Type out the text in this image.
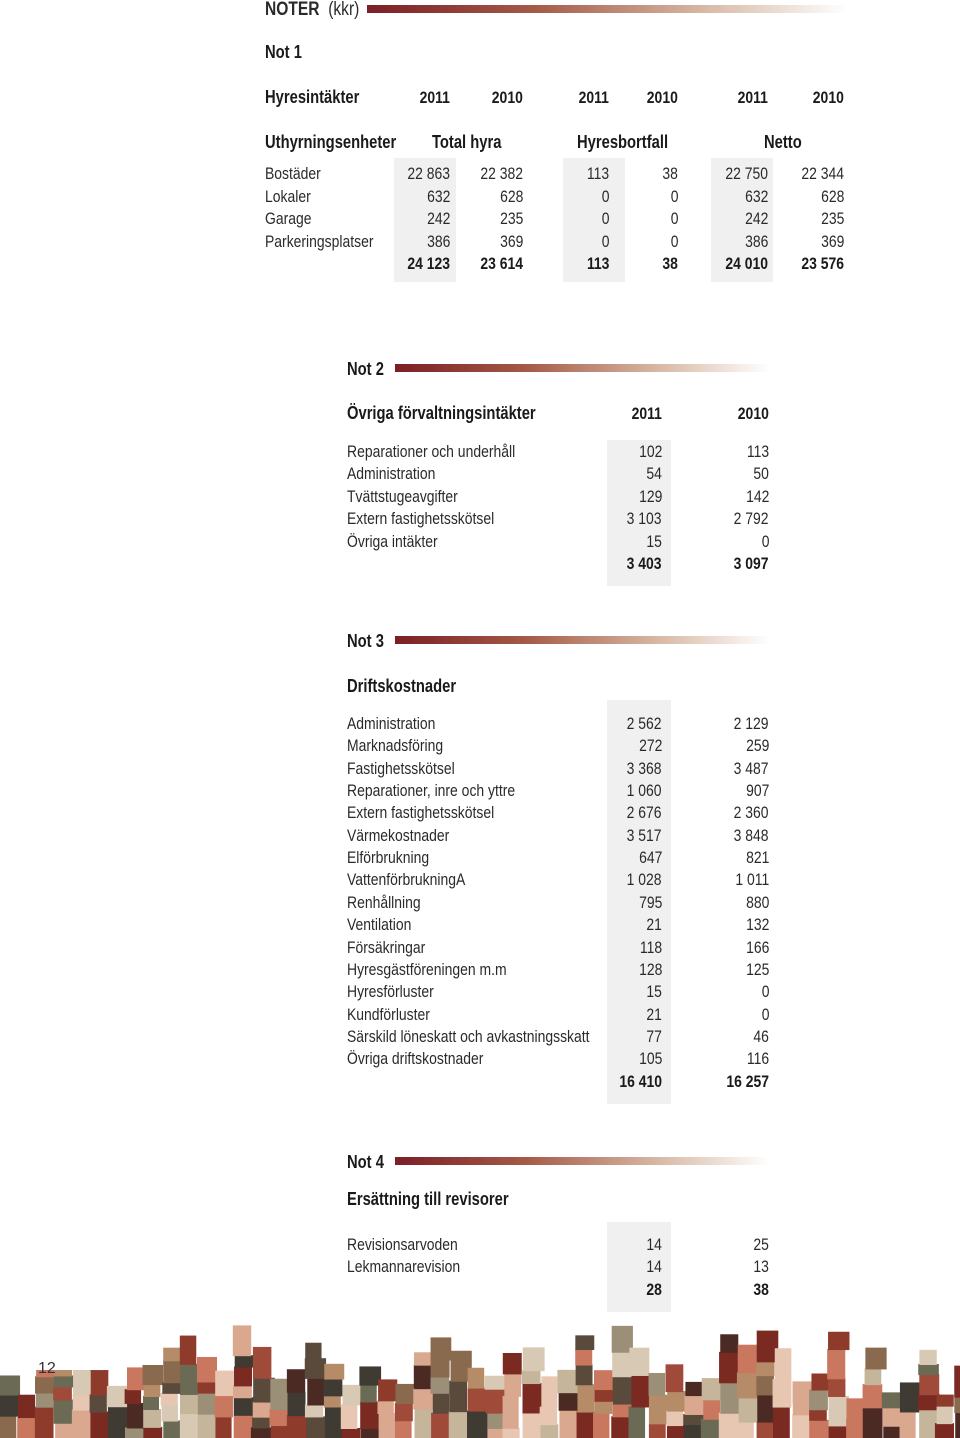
NOTER (kkr)
Not 1
Hyresintäkter	2011	2010	2011	2010	2011	2010
Uthyrningsenheter	Total hyra	Hyresbortfall	Netto
Bostäder	22 863	22 382	113	38	22 750	22 344
Lokaler	632	628	0	0	632	628
Garage	242	235	0	0	242	235
Parkeringsplatser	386	369	0	0	386	369
24 123	23 614	113	38	24 010	23 576
Not 2
Övriga förvaltningsintäkter	2011	2010
Reparationer och underhåll	102	113
Administration	54	50
Tvättstugeavgifter	129	142
Extern fastighetsskötsel	3 103	2 792
Övriga intäkter	15	0
3 403	3 097
Not 3
Driftskostnader
Administration	2 562	2 129
Marknadsföring	272	259
Fastighetsskötsel	3 368	3 487
Reparationer, inre och yttre	1 060	907
Extern fastighetsskötsel	2 676	2 360
Värmekostnader	3 517	3 848
Elförbrukning	647	821
VattenförbrukningA	1 028	1 011
Renhållning	795	880
Ventilation	21	132
Försäkringar	118	166
Hyresgästföreningen m.m	128	125
Hyresförluster	15	0
Kundförluster	21	0
Särskild löneskatt och avkastningsskatt	77	46
Övriga driftskostnader	105	116
16 410	16 257
Not 4
Ersättning till revisorer
Revisionsarvoden	14	25
Lekmannarevision	14	13
28	38
12
